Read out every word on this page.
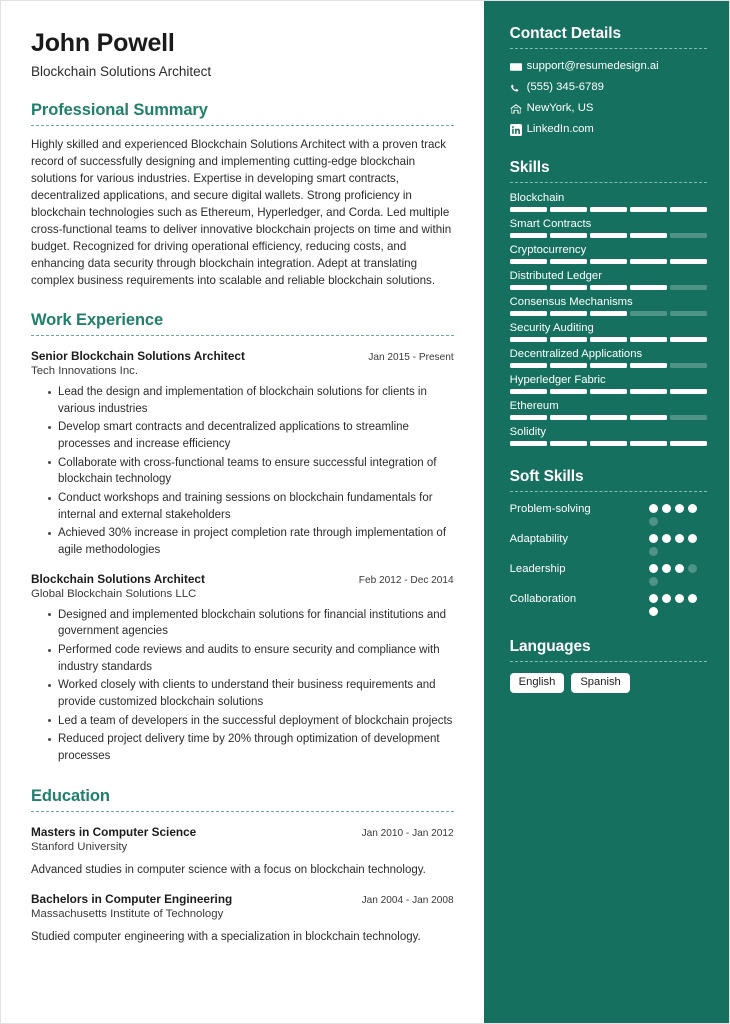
John Powell
Blockchain Solutions Architect
Professional Summary
Highly skilled and experienced Blockchain Solutions Architect with a proven track record of successfully designing and implementing cutting-edge blockchain solutions for various industries. Expertise in developing smart contracts, decentralized applications, and secure digital wallets. Strong proficiency in blockchain technologies such as Ethereum, Hyperledger, and Corda. Led multiple cross-functional teams to deliver innovative blockchain projects on time and within budget. Recognized for driving operational efficiency, reducing costs, and enhancing data security through blockchain integration. Adept at translating complex business requirements into scalable and reliable blockchain solutions.
Work Experience
Senior Blockchain Solutions Architect	Jan 2015 - Present
Tech Innovations Inc.
Lead the design and implementation of blockchain solutions for clients in various industries
Develop smart contracts and decentralized applications to streamline processes and increase efficiency
Collaborate with cross-functional teams to ensure successful integration of blockchain technology
Conduct workshops and training sessions on blockchain fundamentals for internal and external stakeholders
Achieved 30% increase in project completion rate through implementation of agile methodologies
Blockchain Solutions Architect	Feb 2012 - Dec 2014
Global Blockchain Solutions LLC
Designed and implemented blockchain solutions for financial institutions and government agencies
Performed code reviews and audits to ensure security and compliance with industry standards
Worked closely with clients to understand their business requirements and provide customized blockchain solutions
Led a team of developers in the successful deployment of blockchain projects
Reduced project delivery time by 20% through optimization of development processes
Education
Masters in Computer Science	Jan 2010 - Jan 2012
Stanford University
Advanced studies in computer science with a focus on blockchain technology.
Bachelors in Computer Engineering	Jan 2004 - Jan 2008
Massachusetts Institute of Technology
Studied computer engineering with a specialization in blockchain technology.
Contact Details
support@resumedesign.ai
(555) 345-6789
NewYork, US
LinkedIn.com
Skills
Blockchain
Smart Contracts
Cryptocurrency
Distributed Ledger
Consensus Mechanisms
Security Auditing
Decentralized Applications
Hyperledger Fabric
Ethereum
Solidity
Soft Skills
Problem-solving
Adaptability
Leadership
Collaboration
Languages
English	Spanish
